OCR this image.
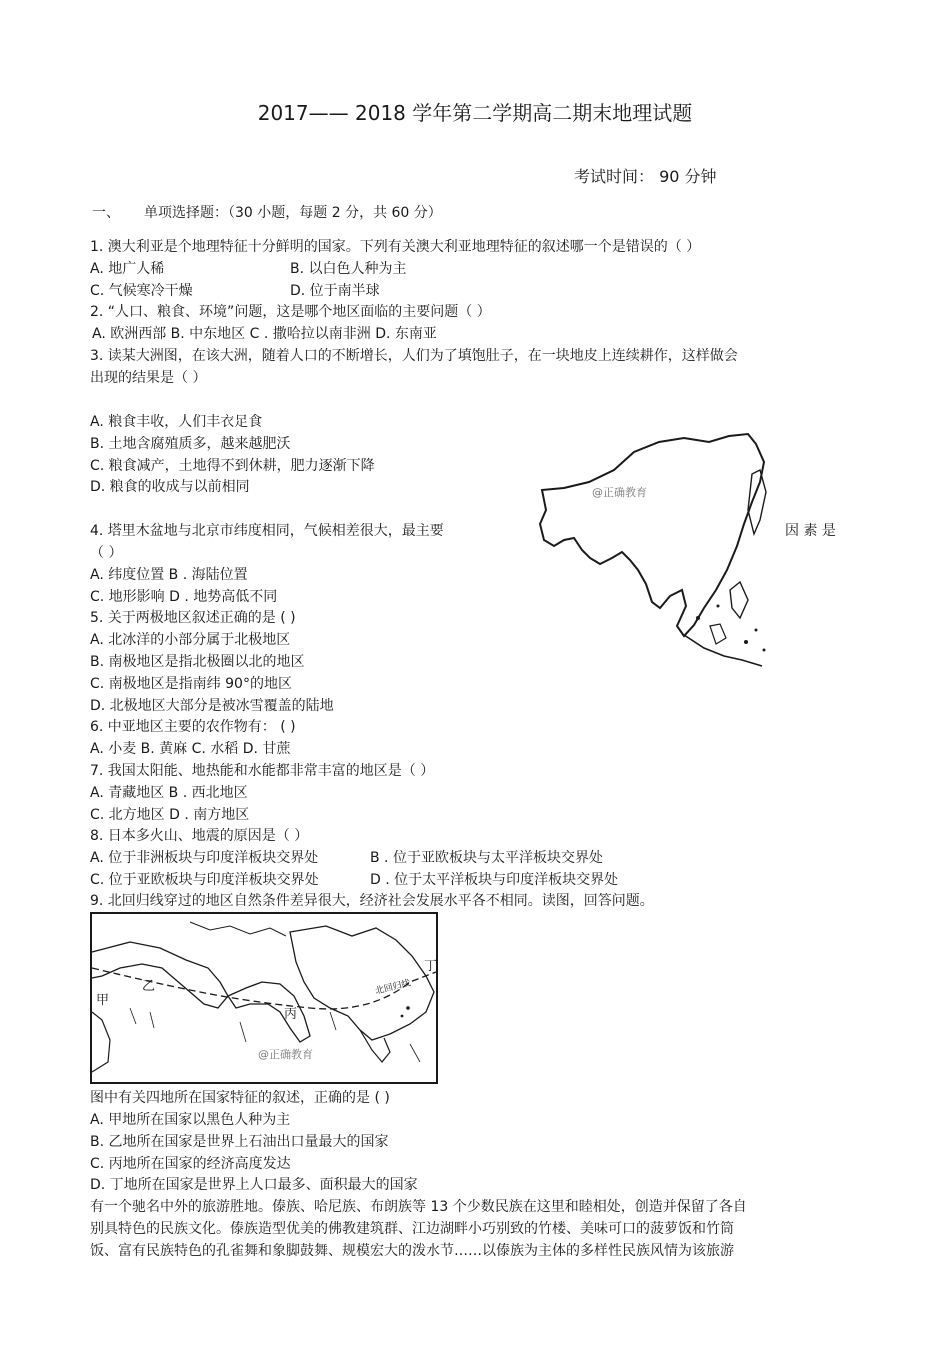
2017—— 2018 学年第二学期高二期末地理试题
考试时间： 90 分钟
一、 单项选择题：（30 小题，每题 2 分，共 60 分）
1. 澳大利亚是个地理特征十分鲜明的国家。下列有关澳大利亚地理特征的叙述哪一个是错误的（ ）
A. 地广人稀	B. 以白色人种为主
C. 气候寒冷干燥	D. 位于南半球
2. “人口、粮食、环境”问题，这是哪个地区面临的主要问题（ ）
A. 欧洲西部 B. 中东地区 C . 撒哈拉以南非洲 D. 东南亚
3. 读某大洲图，在该大洲，随着人口的不断增长，人们为了填饱肚子，在一块地皮上连续耕作，这样做会
出现的结果是（ ）
A. 粮食丰收，人们丰衣足食
B. 土地含腐殖质多，越来越肥沃
C. 粮食减产，土地得不到休耕，肥力逐渐下降
D. 粮食的收成与以前相同	@正确教育
4. 塔里木盆地与北京市纬度相同，气候相差很大，最主要	因 素 是
（ ）
A. 纬度位置 B . 海陆位置
C. 地形影响 D . 地势高低不同
5. 关于两极地区叙述正确的是 ( )
A. 北冰洋的小部分属于北极地区
B. 南极地区是指北极圈以北的地区
C. 南极地区是指南纬 90°的地区
D. 北极地区大部分是被冰雪覆盖的陆地
6. 中亚地区主要的农作物有： ( )
A. 小麦 B. 黄麻 C. 水稻 D. 甘蔗
7. 我国太阳能、地热能和水能都非常丰富的地区是（ ）
A. 青藏地区 B . 西北地区
C. 北方地区 D . 南方地区
8. 日本多火山、地震的原因是（ ）
A. 位于非洲板块与印度洋板块交界处	B . 位于亚欧板块与太平洋板块交界处
C. 位于亚欧板块与印度洋板块交界处	D . 位于太平洋板块与印度洋板块交界处
9. 北回归线穿过的地区自然条件差异很大，经济社会发展水平各不相同。读图，回答问题。
甲
乙
丙
丁
北回归线
@正确教育
图中有关四地所在国家特征的叙述，正确的是 ( )
A. 甲地所在国家以黑色人种为主
B. 乙地所在国家是世界上石油出口量最大的国家
C. 丙地所在国家的经济高度发达
D. 丁地所在国家是世界上人口最多、面积最大的国家
有一个驰名中外的旅游胜地。傣族、哈尼族、布朗族等 13 个少数民族在这里和睦相处，创造并保留了各自
别具特色的民族文化。傣族造型优美的佛教建筑群、江边湖畔小巧别致的竹楼、美味可口的菠萝饭和竹筒
饭、富有民族特色的孔雀舞和象脚鼓舞、规模宏大的泼水节……以傣族为主体的多样性民族风情为该旅游
